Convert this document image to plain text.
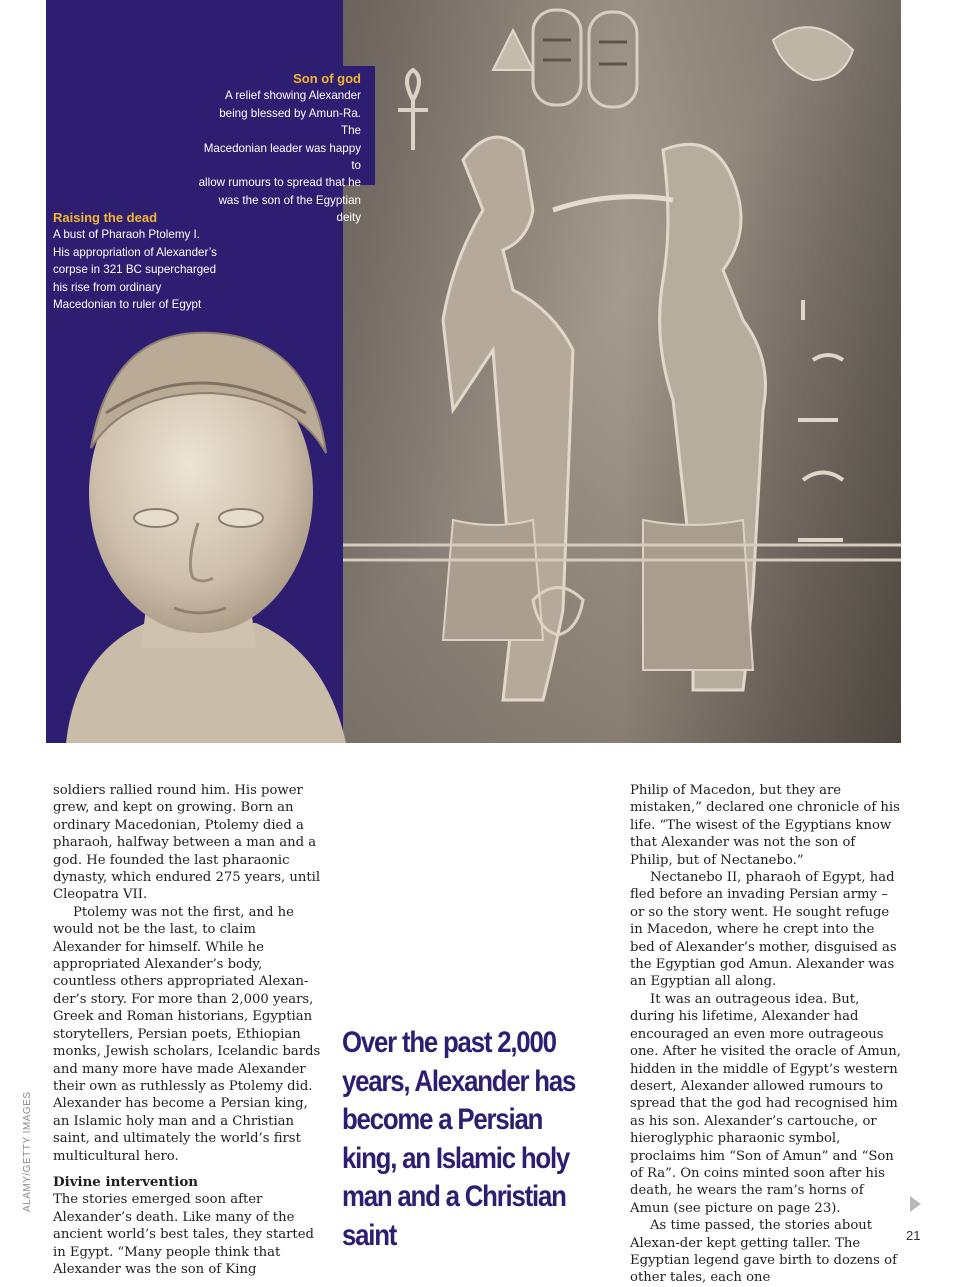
Son of god
A relief showing Alexander
being blessed by Amun-Ra. The
Macedonian leader was happy to
allow rumours to spread that he
was the son of the Egyptian deity
Raising the dead
A bust of Pharaoh Ptolemy I.
His appropriation of Alexander’s
corpse in 321 BC supercharged
his rise from ordinary
Macedonian to ruler of Egypt

soldiers rallied round him. His power grew, and kept on growing. Born an ordinary Macedonian, Ptolemy died a pharaoh, halfway between a man and a god. He founded the last pharaonic dynasty, which endured 275 years, until Cleopatra VII.

Ptolemy was not the first, and he would not be the last, to claim Alexander for himself. While he appropriated Alexander’s body, countless others appropriated Alexan-der’s story. For more than 2,000 years, Greek and Roman historians, Egyptian storytellers, Persian poets, Ethiopian monks, Jewish scholars, Icelandic bards and many more have made Alexander their own as ruthlessly as Ptolemy did. Alexander has become a Persian king, an Islamic holy man and a Christian saint, and ultimately the world’s first multicultural hero.

Divine intervention

The stories emerged soon after Alexander’s death. Like many of the ancient world’s best tales, they started in Egypt. “Many people think that Alexander was the son of King

Over the past 2,000 years, Alexander has become a Persian king, an Islamic holy man and a Christian saint

Philip of Macedon, but they are mistaken,” declared one chronicle of his life. “The wisest of the Egyptians know that Alexander was not the son of Philip, but of Nectanebo.”

Nectanebo II, pharaoh of Egypt, had fled before an invading Persian army – or so the story went. He sought refuge in Macedon, where he crept into the bed of Alexander’s mother, disguised as the Egyptian god Amun. Alexander was an Egyptian all along.

It was an outrageous idea. But, during his lifetime, Alexander had encouraged an even more outrageous one. After he visited the oracle of Amun, hidden in the middle of Egypt’s western desert, Alexander allowed rumours to spread that the god had recognised him as his son. Alexander’s cartouche, or hieroglyphic pharaonic symbol, proclaims him “Son of Amun” and “Son of Ra”. On coins minted soon after his death, he wears the ram’s horns of Amun (see picture on page 23).

As time passed, the stories about Alexan-der kept getting taller. The Egyptian legend gave birth to dozens of other tales, each one

ALAMY/GETTY IMAGES
21
